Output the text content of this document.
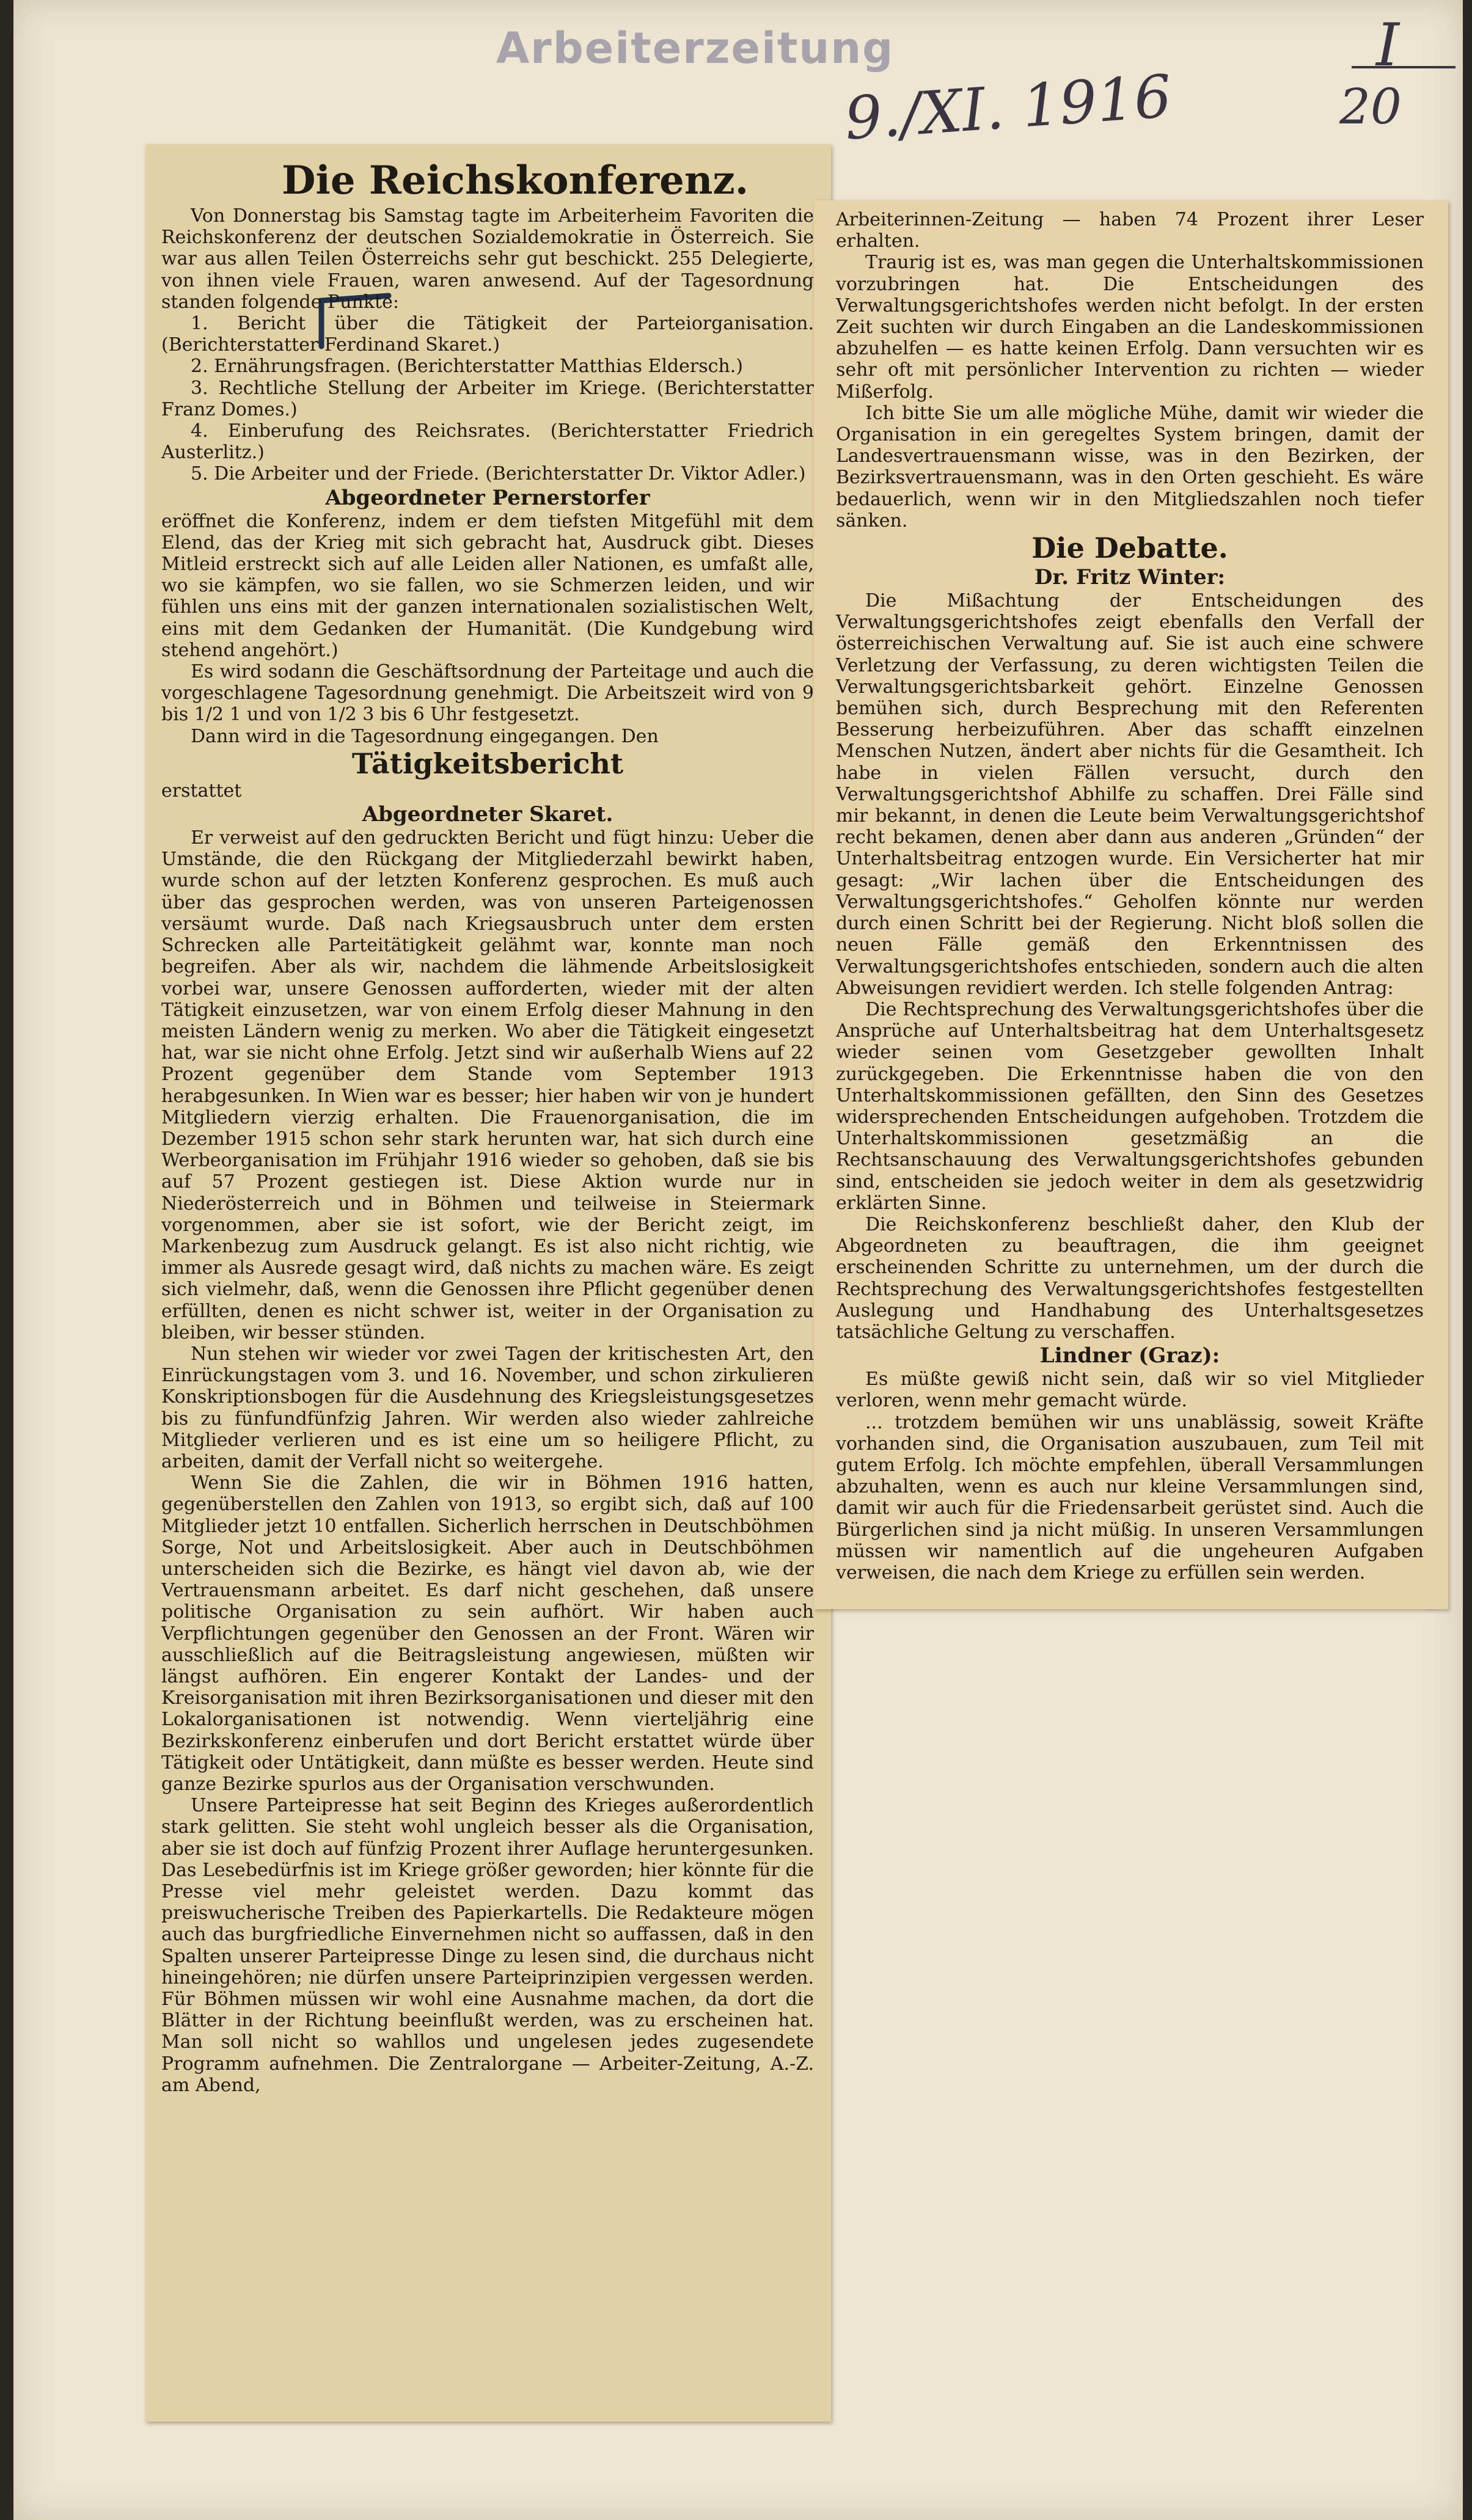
Arbeiterzeitung	I
20
9./XI. 1916

Die Reichskonferenz.

Von Donnerstag bis Samstag tagte im Arbeiterheim Favoriten die Reichskonferenz der deutschen Sozialdemokratie in Österreich. Sie war aus allen Teilen Österreichs sehr gut beschickt. 255 Delegierte, von ihnen viele Frauen, waren anwesend. Auf der Tagesordnung standen folgende Punkte:

1. Bericht über die Tätigkeit der Parteiorganisation. (Berichterstatter Ferdinand Skaret.)

2. Ernährungsfragen. (Berichterstatter Matthias Eldersch.)

3. Rechtliche Stellung der Arbeiter im Kriege. (Berichterstatter Franz Domes.)

4. Einberufung des Reichsrates. (Berichterstatter Friedrich Austerlitz.)

5. Die Arbeiter und der Friede. (Berichterstatter Dr. Viktor Adler.)

Abgeordneter Pernerstorfer

eröffnet die Konferenz, indem er dem tiefsten Mitgefühl mit dem Elend, das der Krieg mit sich gebracht hat, Ausdruck gibt. Dieses Mitleid erstreckt sich auf alle Leiden aller Nationen, es umfaßt alle, wo sie kämpfen, wo sie fallen, wo sie Schmerzen leiden, und wir fühlen uns eins mit der ganzen internationalen sozialistischen Welt, eins mit dem Gedanken der Humanität. (Die Kundgebung wird stehend angehört.)

Es wird sodann die Geschäftsordnung der Parteitage und auch die vorgeschlagene Tagesordnung genehmigt. Die Arbeitszeit wird von 9 bis 1/2 1 und von 1/2 3 bis 6 Uhr festgesetzt.

Dann wird in die Tagesordnung eingegangen. Den

Tätigkeitsbericht

erstattet

Abgeordneter Skaret.

Er verweist auf den gedruckten Bericht und fügt hinzu: Ueber die Umstände, die den Rückgang der Mitgliederzahl bewirkt haben, wurde schon auf der letzten Konferenz gesprochen. Es muß auch über das gesprochen werden, was von unseren Parteigenossen versäumt wurde. Daß nach Kriegsausbruch unter dem ersten Schrecken alle Parteitätigkeit gelähmt war, konnte man noch begreifen. Aber als wir, nachdem die lähmende Arbeitslosigkeit vorbei war, unsere Genossen aufforderten, wieder mit der alten Tätigkeit einzusetzen, war von einem Erfolg dieser Mahnung in den meisten Ländern wenig zu merken. Wo aber die Tätigkeit eingesetzt hat, war sie nicht ohne Erfolg. Jetzt sind wir außerhalb Wiens auf 22 Prozent gegenüber dem Stande vom September 1913 herabgesunken. In Wien war es besser; hier haben wir von je hundert Mitgliedern vierzig erhalten. Die Frauenorganisation, die im Dezember 1915 schon sehr stark herunten war, hat sich durch eine Werbeorganisation im Frühjahr 1916 wieder so gehoben, daß sie bis auf 57 Prozent gestiegen ist. Diese Aktion wurde nur in Niederösterreich und in Böhmen und teilweise in Steiermark vorgenommen, aber sie ist sofort, wie der Bericht zeigt, im Markenbezug zum Ausdruck gelangt. Es ist also nicht richtig, wie immer als Ausrede gesagt wird, daß nichts zu machen wäre. Es zeigt sich vielmehr, daß, wenn die Genossen ihre Pflicht gegenüber denen erfüllten, denen es nicht schwer ist, weiter in der Organisation zu bleiben, wir besser stünden.

Nun stehen wir wieder vor zwei Tagen der kritischesten Art, den Einrückungstagen vom 3. und 16. November, und schon zirkulieren Konskriptionsbogen für die Ausdehnung des Kriegsleistungsgesetzes bis zu fünfundfünfzig Jahren. Wir werden also wieder zahlreiche Mitglieder verlieren und es ist eine um so heiligere Pflicht, zu arbeiten, damit der Verfall nicht so weitergehe.

Wenn Sie die Zahlen, die wir in Böhmen 1916 hatten, gegenüberstellen den Zahlen von 1913, so ergibt sich, daß auf 100 Mitglieder jetzt 10 entfallen. Sicherlich herrschen in Deutschböhmen Sorge, Not und Arbeitslosigkeit. Aber auch in Deutschböhmen unterscheiden sich die Bezirke, es hängt viel davon ab, wie der Vertrauensmann arbeitet. Es darf nicht geschehen, daß unsere politische Organisation zu sein aufhört. Wir haben auch Verpflichtungen gegenüber den Genossen an der Front. Wären wir ausschließlich auf die Beitragsleistung angewiesen, müßten wir längst aufhören. Ein engerer Kontakt der Landes- und der Kreisorganisation mit ihren Bezirksorganisationen und dieser mit den Lokalorganisationen ist notwendig. Wenn vierteljährig eine Bezirkskonferenz einberufen und dort Bericht erstattet würde über Tätigkeit oder Untätigkeit, dann müßte es besser werden. Heute sind ganze Bezirke spurlos aus der Organisation verschwunden.

Unsere Parteipresse hat seit Beginn des Krieges außerordentlich stark gelitten. Sie steht wohl ungleich besser als die Organisation, aber sie ist doch auf fünfzig Prozent ihrer Auflage heruntergesunken. Das Lesebedürfnis ist im Kriege größer geworden; hier könnte für die Presse viel mehr geleistet werden. Dazu kommt das preiswucherische Treiben des Papierkartells. Die Redakteure mögen auch das burgfriedliche Einvernehmen nicht so auffassen, daß in den Spalten unserer Parteipresse Dinge zu lesen sind, die durchaus nicht hineingehören; nie dürfen unsere Parteiprinzipien vergessen werden. Für Böhmen müssen wir wohl eine Ausnahme machen, da dort die Blätter in der Richtung beeinflußt werden, was zu erscheinen hat. Man soll nicht so wahllos und ungelesen jedes zugesendete Programm aufnehmen. Die Zentralorgane — Arbeiter-Zeitung, A.-Z. am Abend,

Arbeiterinnen-Zeitung — haben 74 Prozent ihrer Leser erhalten.

Traurig ist es, was man gegen die Unterhaltskommissionen vorzubringen hat. Die Entscheidungen des Verwaltungsgerichtshofes werden nicht befolgt. In der ersten Zeit suchten wir durch Eingaben an die Landeskommissionen abzuhelfen — es hatte keinen Erfolg. Dann versuchten wir es sehr oft mit persönlicher Intervention zu richten — wieder Mißerfolg.

Ich bitte Sie um alle mögliche Mühe, damit wir wieder die Organisation in ein geregeltes System bringen, damit der Landesvertrauensmann wisse, was in den Bezirken, der Bezirksvertrauensmann, was in den Orten geschieht. Es wäre bedauerlich, wenn wir in den Mitgliedszahlen noch tiefer sänken.

Die Debatte.

Dr. Fritz Winter:

Die Mißachtung der Entscheidungen des Verwaltungsgerichtshofes zeigt ebenfalls den Verfall der österreichischen Verwaltung auf. Sie ist auch eine schwere Verletzung der Verfassung, zu deren wichtigsten Teilen die Verwaltungsgerichtsbarkeit gehört. Einzelne Genossen bemühen sich, durch Besprechung mit den Referenten Besserung herbeizuführen. Aber das schafft einzelnen Menschen Nutzen, ändert aber nichts für die Gesamtheit. Ich habe in vielen Fällen versucht, durch den Verwaltungsgerichtshof Abhilfe zu schaffen. Drei Fälle sind mir bekannt, in denen die Leute beim Verwaltungsgerichtshof recht bekamen, denen aber dann aus anderen „Gründen“ der Unterhaltsbeitrag entzogen wurde. Ein Versicherter hat mir gesagt: „Wir lachen über die Entscheidungen des Verwaltungsgerichtshofes.“ Geholfen könnte nur werden durch einen Schritt bei der Regierung. Nicht bloß sollen die neuen Fälle gemäß den Erkenntnissen des Verwaltungsgerichtshofes entschieden, sondern auch die alten Abweisungen revidiert werden. Ich stelle folgenden Antrag:

Die Rechtsprechung des Verwaltungsgerichtshofes über die Ansprüche auf Unterhaltsbeitrag hat dem Unterhaltsgesetz wieder seinen vom Gesetzgeber gewollten Inhalt zurückgegeben. Die Erkenntnisse haben die von den Unterhaltskommissionen gefällten, den Sinn des Gesetzes widersprechenden Entscheidungen aufgehoben. Trotzdem die Unterhaltskommissionen gesetzmäßig an die Rechtsanschauung des Verwaltungsgerichtshofes gebunden sind, entscheiden sie jedoch weiter in dem als gesetzwidrig erklärten Sinne.

Die Reichskonferenz beschließt daher, den Klub der Abgeordneten zu beauftragen, die ihm geeignet erscheinenden Schritte zu unternehmen, um der durch die Rechtsprechung des Verwaltungsgerichtshofes festgestellten Auslegung und Handhabung des Unterhaltsgesetzes tatsächliche Geltung zu verschaffen.

Lindner (Graz):

Es müßte gewiß nicht sein, daß wir so viel Mitglieder verloren, wenn mehr gemacht würde.

... trotzdem bemühen wir uns unablässig, soweit Kräfte vorhanden sind, die Organisation auszubauen, zum Teil mit gutem Erfolg. Ich möchte empfehlen, überall Versammlungen abzuhalten, wenn es auch nur kleine Versammlungen sind, damit wir auch für die Friedensarbeit gerüstet sind. Auch die Bürgerlichen sind ja nicht müßig. In unseren Versammlungen müssen wir namentlich auf die ungeheuren Aufgaben verweisen, die nach dem Kriege zu erfüllen sein werden.
